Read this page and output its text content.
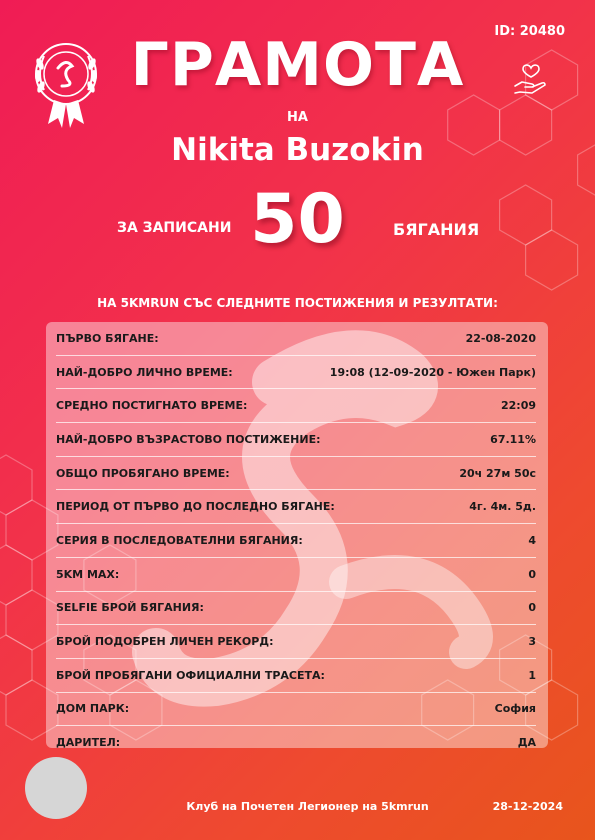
ID: 20480
ГРАМОТА
НА
Nikita Buzokin
ЗА ЗАПИСАНИ 50	БЯГАНИЯ
НА 5KMRUN СЪС СЛЕДНИТЕ ПОСТИЖЕНИЯ И РЕЗУЛТАТИ:
ПЪРВО БЯГАНЕ:	22-08-2020
НАЙ-ДОБРО ЛИЧНО ВРЕМЕ:	19:08 (12-09-2020 - Южен Парк)
СРЕДНО ПОСТИГНАТО ВРЕМЕ:	22:09
НАЙ-ДОБРО ВЪЗРАСТОВО ПОСТИЖЕНИЕ:	67.11%
ОБЩО ПРОБЯГАНО ВРЕМЕ:	20ч 27м 50с
ПЕРИОД ОТ ПЪРВО ДО ПОСЛЕДНО БЯГАНЕ:	4г. 4м. 5д.
СЕРИЯ В ПОСЛЕДОВАТЕЛНИ БЯГАНИЯ:	4
5KM MAX:	0
SELFIE БРОЙ БЯГАНИЯ:	0
БРОЙ ПОДОБРЕН ЛИЧЕН РЕКОРД:	3
БРОЙ ПРОБЯГАНИ ОФИЦИАЛНИ ТРАСЕТА:	1
ДОМ ПАРК:	София
ДАРИТЕЛ:	ДА
Клуб на Почетен Легионер на 5kmrun	28-12-2024
